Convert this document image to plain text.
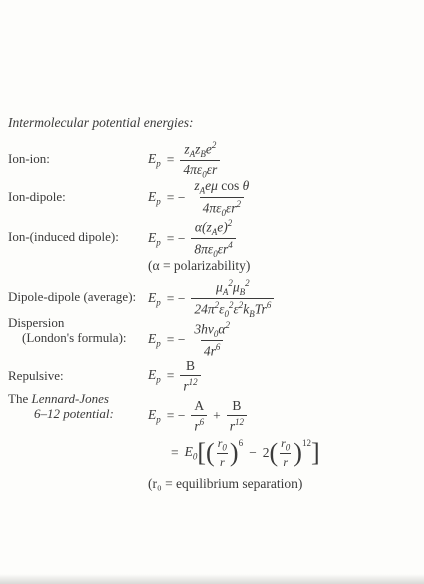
Intermolecular potential energies:
Ion-ion:	$E_p = \frac{z_Az_Be^2}{4\pi\varepsilon_0\varepsilon r}$
Ion-dipole:	$E_p$ = − $\frac{z_Ae\mu \cos \theta}{4\pi\varepsilon_0\varepsilon r^2}$
Ion-(induced dipole): $E_p$ = − $\frac{\alpha(z_Ae)^2}{8\pi\varepsilon_0\varepsilon r^4}$
(α = polarizability)
Dipole-dipole (average): $E_p$ = − $\frac{\mu_A^2\mu_B^2}{24\pi^2\varepsilon_0^2\varepsilon^2k_BTr^6}$
Dispersion
(London's formula): $E_p$ = − $\frac{3h\nu_0\alpha^2}{4r^6}$
Repulsive:	$E_p = \frac{B}{r^{12}}$
The Lennard-Jones
6–12 potential:	$E_p$ = − $\frac{A}{r^6} + \frac{B}{r^{12}}$
= $E_0$ [ ( $\frac{r_0}{r} )^6$
− 2 ( $\frac{r_0}{r} )^{12}$ ]
(r₀ = equilibrium separation)
